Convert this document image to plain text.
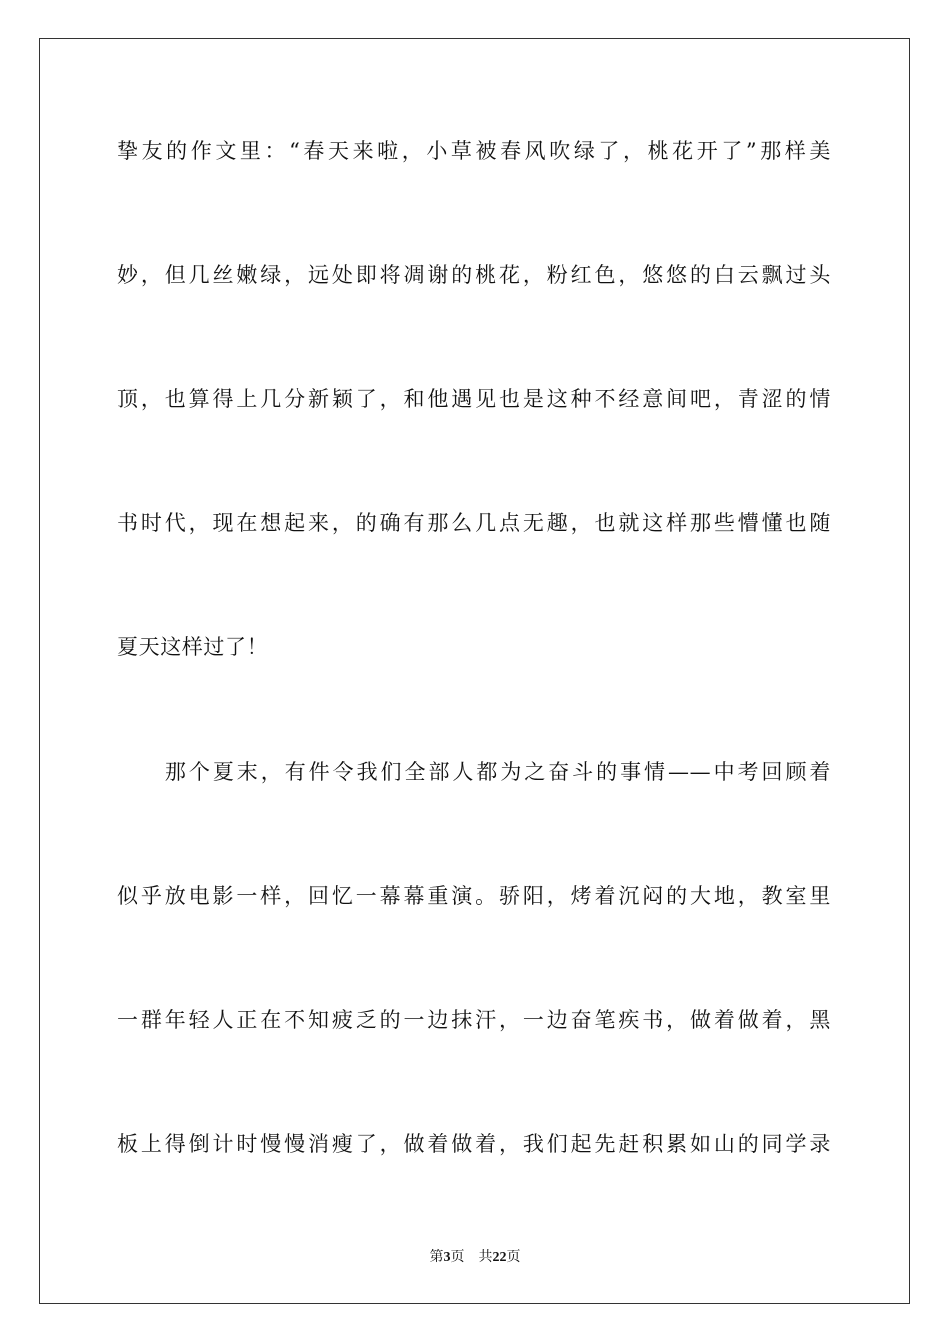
挚友的作文里：“春天来啦，小草被春风吹绿了，桃花开了”那样美
妙，但几丝嫩绿，远处即将凋谢的桃花，粉红色，悠悠的白云飘过头
顶，也算得上几分新颖了，和他遇见也是这种不经意间吧，青涩的情
书时代，现在想起来，的确有那么几点无趣，也就这样那些懵懂也随
夏天这样过了！
　　那个夏末，有件令我们全部人都为之奋斗的事情——中考回顾着
似乎放电影一样，回忆一幕幕重演。骄阳，烤着沉闷的大地，教室里
一群年轻人正在不知疲乏的一边抹汗，一边奋笔疾书，做着做着，黑
板上得倒计时慢慢消瘦了，做着做着，我们起先赶积累如山的同学录
第3页 共22页
